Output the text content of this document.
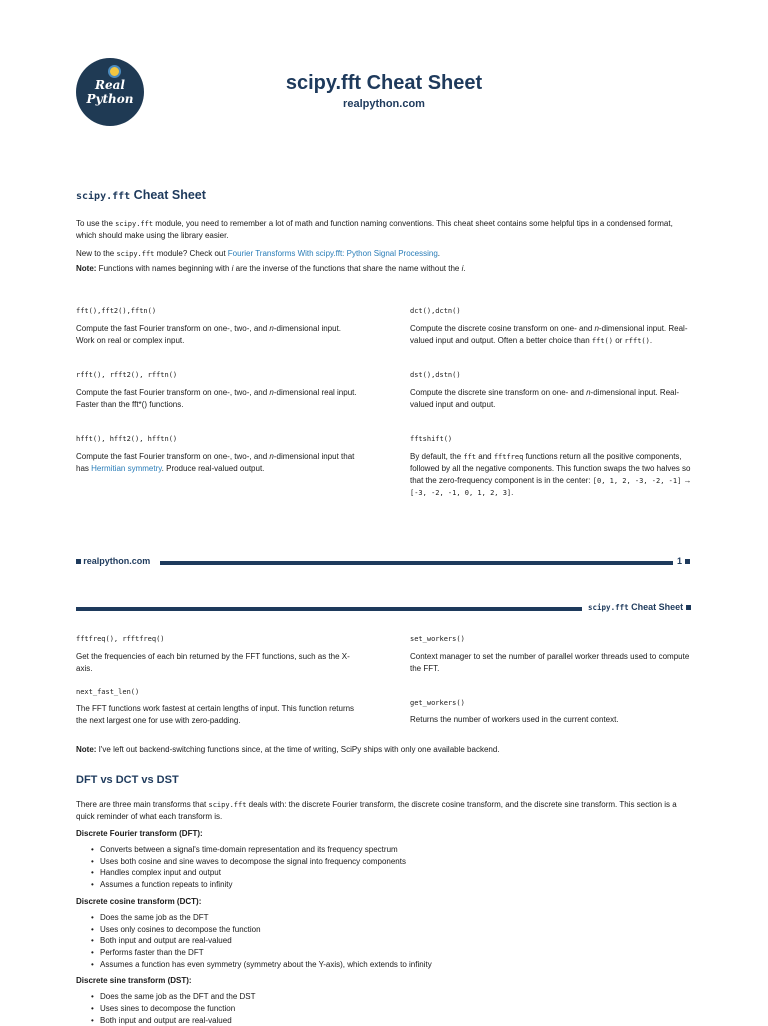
Real
Python
scipy.fft Cheat Sheet
realpython.com
scipy.fft Cheat Sheet

To use the scipy.fft module, you need to remember a lot of math and function naming conventions. This cheat sheet contains some helpful tips in a condensed format, which should make using the library easier.

New to the scipy.fft module? Check out Fourier Transforms With scipy.fft: Python Signal Processing.

Note: Functions with names beginning with i are the inverse of the functions that share the name without the i.

fft(),fft2(),fftn()

Compute the fast Fourier transform on one-, two-, and n-dimensional input. Work on real or complex input.

rfft(), rfft2(), rfftn()

Compute the fast Fourier transform on one-, two-, and n-dimensional real input. Faster than the fft*() functions.

hfft(), hfft2(), hfftn()

Compute the fast Fourier transform on one-, two-, and n-dimensional input that has Hermitian symmetry. Produce real-valued output.

dct(),dctn()

Compute the discrete cosine transform on one- and n-dimensional input. Real-valued input and output. Often a better choice than fft() or rfft().

dst(),dstn()

Compute the discrete sine transform on one- and n-dimensional input. Real-valued input and output.

fftshift()

By default, the fft and fftfreq functions return all the positive components, followed by all the negative components. This function swaps the two halves so that the zero-frequency component is in the center: [0, 1, 2, -3, -2, -1] → [-3, -2, -1, 0, 1, 2, 3].

realpython.com	1
scipy.fft Cheat Sheet
fftfreq(), rfftfreq()

Get the frequencies of each bin returned by the FFT functions, such as the X-axis.

next_fast_len()

The FFT functions work fastest at certain lengths of input. This function returns the next largest one for use with zero-padding.

set_workers()

Context manager to set the number of parallel worker threads used to compute the FFT.

get_workers()

Returns the number of workers used in the current context.

Note: I've left out backend-switching functions since, at the time of writing, SciPy ships with only one available backend.

DFT vs DCT vs DST

There are three main transforms that scipy.fft deals with: the discrete Fourier transform, the discrete cosine transform, and the discrete sine transform. This section is a quick reminder of what each transform is.

Discrete Fourier transform (DFT):

• Converts between a signal's time-domain representation and its frequency spectrum
• Uses both cosine and sine waves to decompose the signal into frequency components
• Handles complex input and output
• Assumes a function repeats to infinity

Discrete cosine transform (DCT):

• Does the same job as the DFT
• Uses only cosines to decompose the function
• Both input and output are real-valued
• Performs faster than the DFT
• Assumes a function has even symmetry (symmetry about the Y-axis), which extends to infinity

Discrete sine transform (DST):

• Does the same job as the DFT and the DST
• Uses sines to decompose the function
• Both input and output are real-valued
